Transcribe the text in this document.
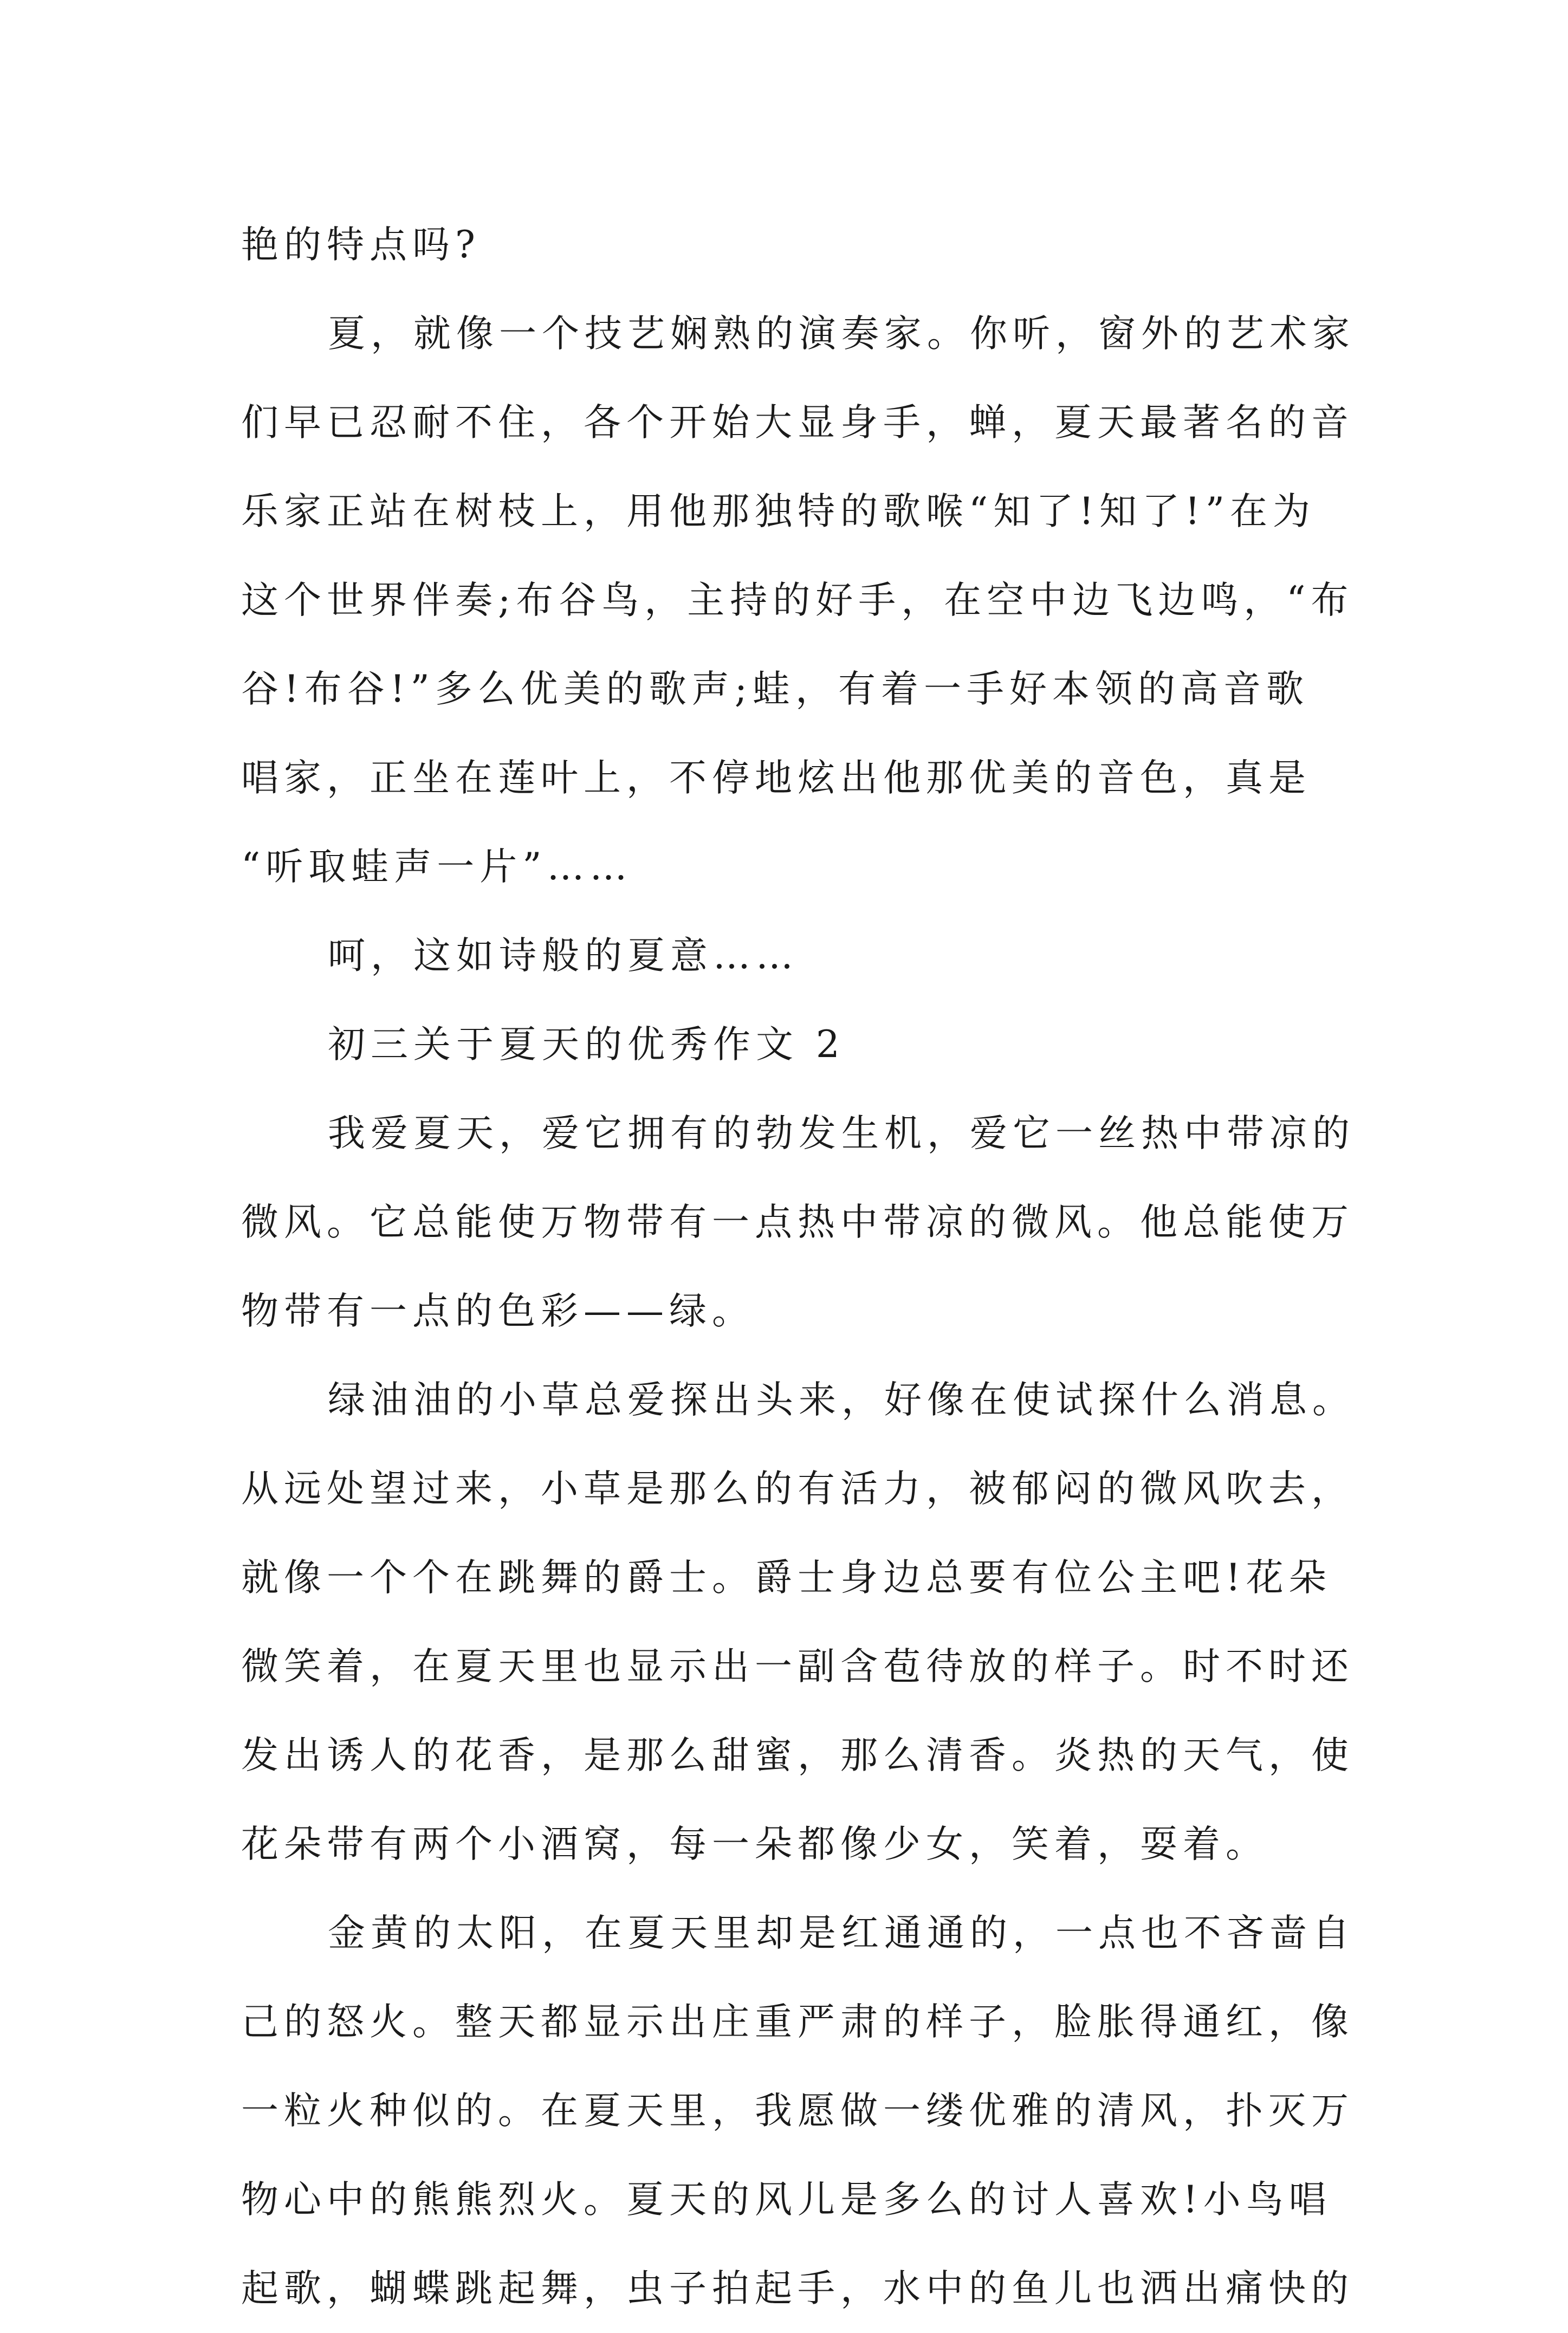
艳的特点吗?
夏，就像一个技艺娴熟的演奏家。你听，窗外的艺术家
们早已忍耐不住，各个开始大显身手，蝉，夏天最著名的音
乐家正站在树枝上，用他那独特的歌喉“知了!知了!”在为
这个世界伴奏;布谷鸟，主持的好手，在空中边飞边鸣，“布
谷!布谷!”多么优美的歌声;蛙，有着一手好本领的高音歌
唱家，正坐在莲叶上，不停地炫出他那优美的音色，真是
“听取蛙声一片”……
呵，这如诗般的夏意……
初三关于夏天的优秀作文 2
我爱夏天，爱它拥有的勃发生机，爱它一丝热中带凉的
微风。它总能使万物带有一点热中带凉的微风。他总能使万
物带有一点的色彩——绿。
绿油油的小草总爱探出头来，好像在使试探什么消息。
从远处望过来，小草是那么的有活力，被郁闷的微风吹去，
就像一个个在跳舞的爵士。爵士身边总要有位公主吧!花朵
微笑着，在夏天里也显示出一副含苞待放的样子。时不时还
发出诱人的花香，是那么甜蜜，那么清香。炎热的天气，使
花朵带有两个小酒窝，每一朵都像少女，笑着，耍着。
金黄的太阳，在夏天里却是红通通的，一点也不吝啬自
己的怒火。整天都显示出庄重严肃的样子，脸胀得通红，像
一粒火种似的。在夏天里，我愿做一缕优雅的清风，扑灭万
物心中的熊熊烈火。夏天的风儿是多么的讨人喜欢!小鸟唱
起歌，蝴蝶跳起舞，虫子拍起手，水中的鱼儿也洒出痛快的
